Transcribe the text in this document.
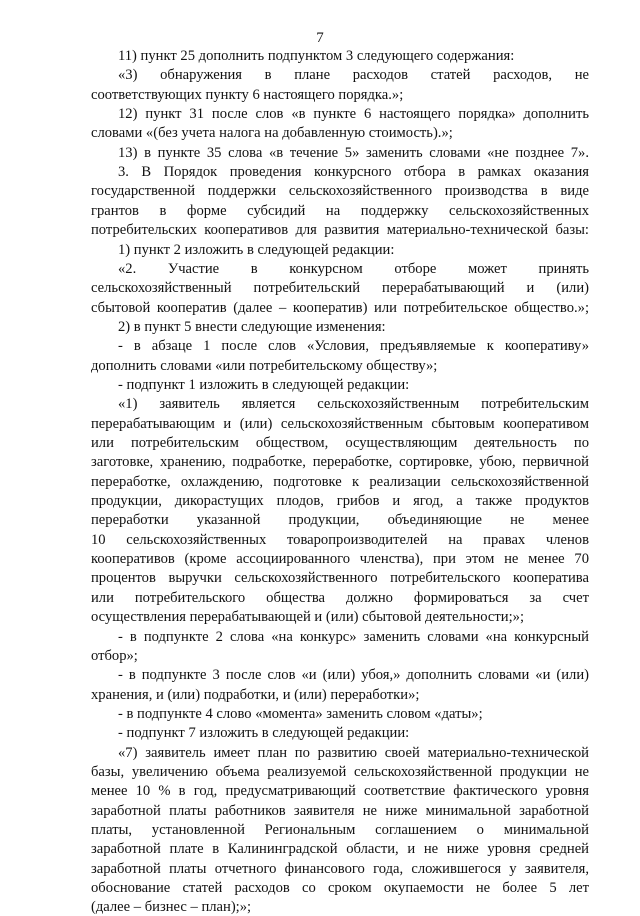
7
11) пункт 25 дополнить подпунктом 3 следующего содержания:
«3) обнаружения в плане расходов статей расходов, не
соответствующих пункту 6 настоящего порядка.»;
12) пункт 31 после слов «в пункте 6 настоящего порядка» дополнить
словами «(без учета налога на добавленную стоимость).»;
13) в пункте 35 слова «в течение 5» заменить словами «не позднее 7».
3. В Порядок проведения конкурсного отбора в рамках оказания
государственной поддержки сельскохозяйственного производства в виде
грантов в форме субсидий на поддержку сельскохозяйственных
потребительских кооперативов для развития материально-технической базы:
1) пункт 2 изложить в следующей редакции:
«2. Участие в конкурсном отборе может принять
сельскохозяйственный потребительский перерабатывающий и (или)
сбытовой кооператив (далее – кооператив) или потребительское общество.»;
2) в пункт 5 внести следующие изменения:
- в абзаце 1 после слов «Условия, предъявляемые к кооперативу»
дополнить словами «или потребительскому обществу»;
- подпункт 1 изложить в следующей редакции:
«1) заявитель является сельскохозяйственным потребительским
перерабатывающим и (или) сельскохозяйственным сбытовым кооперативом
или потребительским обществом, осуществляющим деятельность по
заготовке, хранению, подработке, переработке, сортировке, убою, первичной
переработке, охлаждению, подготовке к реализации сельскохозяйственной
продукции, дикорастущих плодов, грибов и ягод, а также продуктов
переработки указанной продукции, объединяющие не менее
10 сельскохозяйственных товаропроизводителей на правах членов
кооперативов (кроме ассоциированного членства), при этом не менее 70
процентов выручки сельскохозяйственного потребительского кооператива
или потребительского общества должно формироваться за счет
осуществления перерабатывающей и (или) сбытовой деятельности;»;
- в подпункте 2 слова «на конкурс» заменить словами «на конкурсный
отбор»;
- в подпункте 3 после слов «и (или) убоя,» дополнить словами «и (или)
хранения, и (или) подработки, и (или) переработки»;
- в подпункте 4 слово «момента» заменить словом «даты»;
- подпункт 7 изложить в следующей редакции:
«7) заявитель имеет план по развитию своей материально-технической
базы, увеличению объема реализуемой сельскохозяйственной продукции не
менее 10 % в год, предусматривающий соответствие фактического уровня
заработной платы работников заявителя не ниже минимальной заработной
платы, установленной Региональным соглашением о минимальной
заработной плате в Калининградской области, и не ниже уровня средней
заработной платы отчетного финансового года, сложившегося у заявителя,
обоснование статей расходов со сроком окупаемости не более 5 лет
(далее – бизнес – план);»;
